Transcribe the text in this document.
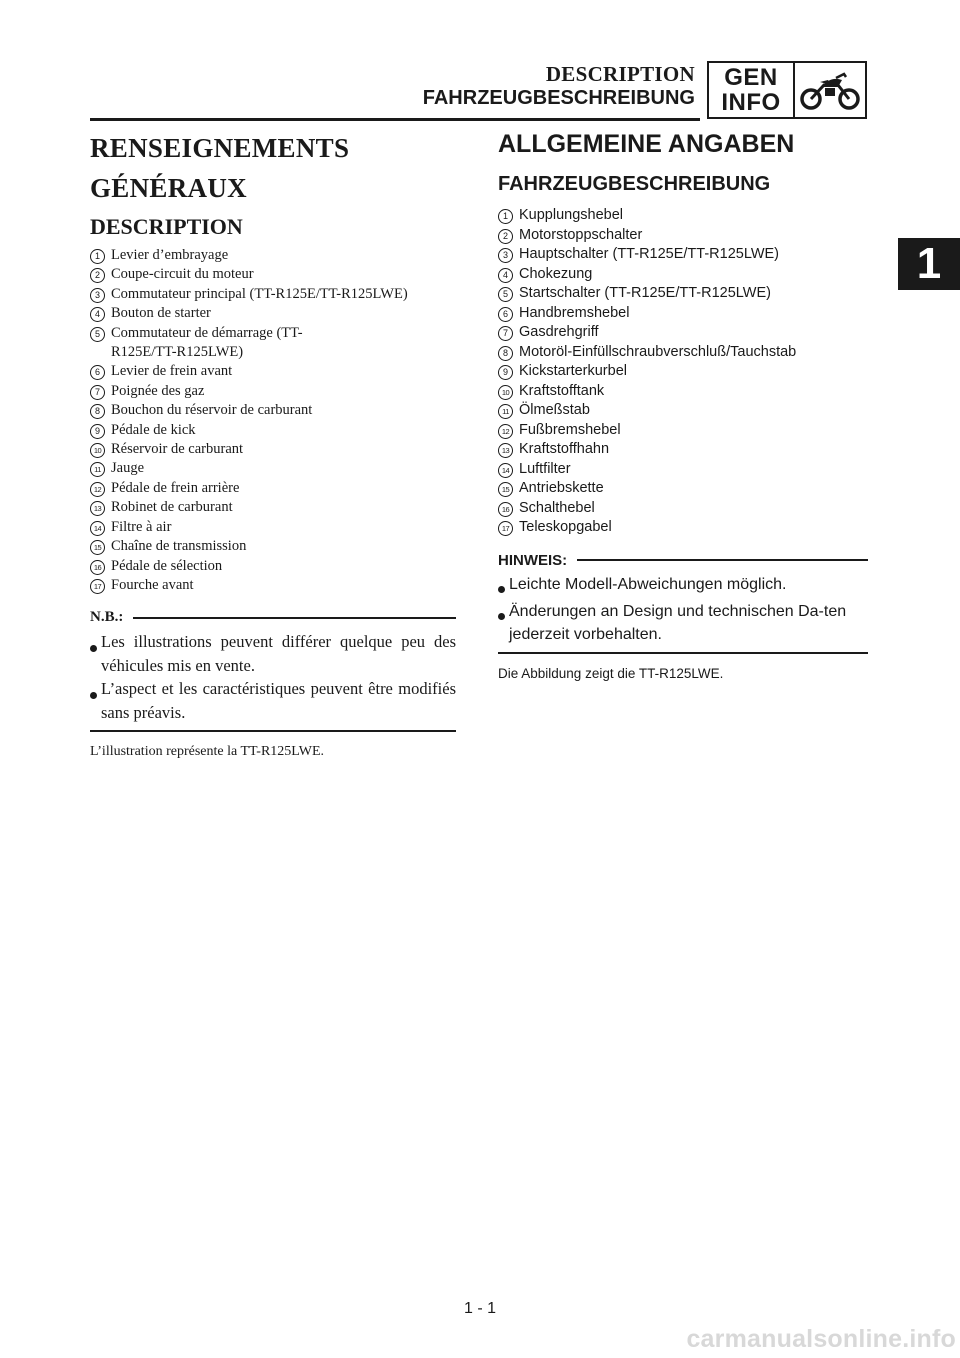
DESCRIPTION
FAHRZEUGBESCHREIBUNG
GEN
INFO
1
RENSEIGNEMENTS
GÉNÉRAUX
DESCRIPTION
1 Levier d’embrayage
2 Coupe-circuit du moteur
3 Commutateur principal (TT-R125E/TT-R125LWE)
4 Bouton de starter
5 Commutateur de démarrage (TT-R125E/TT-R125LWE)
6 Levier de frein avant
7 Poignée des gaz
8 Bouchon du réservoir de carburant
9 Pédale de kick
10 Réservoir de carburant
11 Jauge
12 Pédale de frein arrière
13 Robinet de carburant
14 Filtre à air
15 Chaîne de transmission
16 Pédale de sélection
17 Fourche avant
N.B.:
Les illustrations peuvent différer quelque peu des véhicules mis en vente.
L’aspect et les caractéristiques peuvent être modifiés sans préavis.
L’illustration représente la TT-R125LWE.
ALLGEMEINE ANGABEN
FAHRZEUGBESCHREIBUNG
1 Kupplungshebel
2 Motorstoppschalter
3 Hauptschalter (TT-R125E/TT-R125LWE)
4 Chokezung
5 Startschalter (TT-R125E/TT-R125LWE)
6 Handbremshebel
7 Gasdrehgriff
8 Motoröl-Einfüllschraubverschluß/Tauchstab
9 Kickstarterkurbel
10 Kraftstofftank
11 Ölmeßstab
12 Fußbremshebel
13 Kraftstoffhahn
14 Luftfilter
15 Antriebskette
16 Schalthebel
17 Teleskopgabel
HINWEIS:
Leichte Modell-Abweichungen möglich.
Änderungen an Design und technischen Da-ten jederzeit vorbehalten.
Die Abbildung zeigt die TT-R125LWE.
1 - 1
carmanualsonline.info
